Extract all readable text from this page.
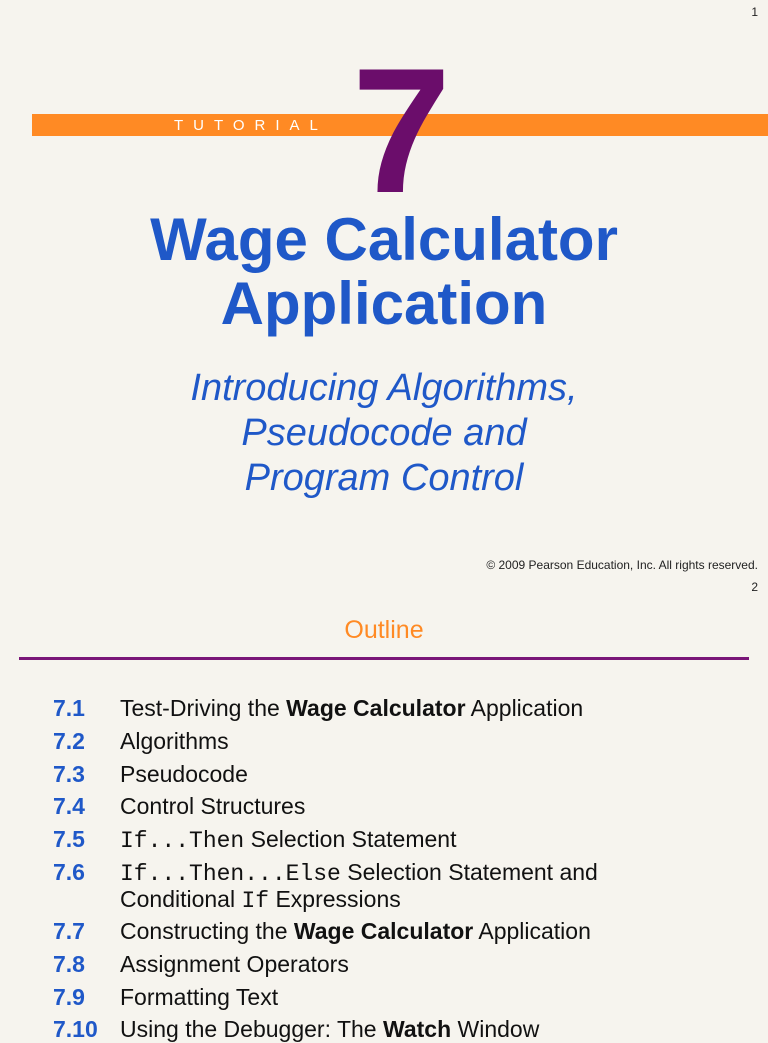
1
TUTORIAL 7
Wage Calculator
Application
Introducing Algorithms,
Pseudocode and
Program Control
© 2009 Pearson Education, Inc. All rights reserved.
2
Outline
7.1 Test-Driving the Wage Calculator Application
7.2 Algorithms
7.3 Pseudocode
7.4 Control Structures
7.5 If...Then Selection Statement
7.6 If...Then...Else Selection Statement and
Conditional If Expressions
7.7 Constructing the Wage Calculator Application
7.8 Assignment Operators
7.9 Formatting Text
7.10 Using the Debugger: The Watch Window
